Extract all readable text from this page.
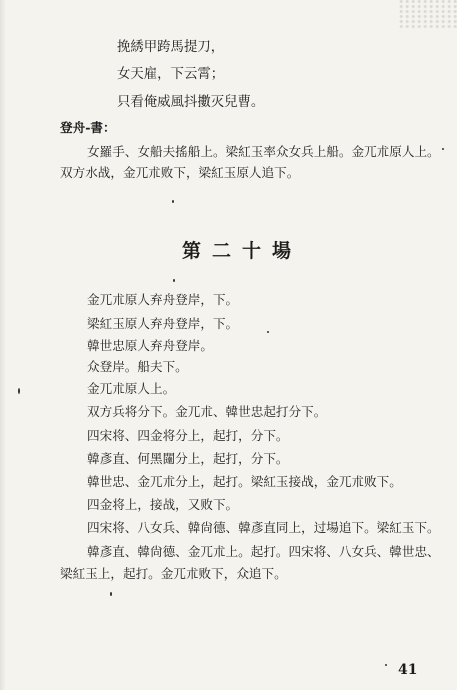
挽綉甲跨馬提刀，
女天雇，下云霄；
只看俺威風抖擻灭兒曹。
登舟-書：
女羅手、女船夫搖船上。梁紅玉率众女兵上船。金兀朮原人上。
双方水战，金兀朮败下，梁紅玉原人追下。
第二十場
金兀朮原人弃舟登岸，下。
梁紅玉原人弃舟登岸，下。
韓世忠原人弃舟登岸。
众登岸。船夫下。
金兀朮原人上。
双方兵将分下。金兀朮、韓世忠起打分下。
四宋将、四金将分上，起打，分下。
韓彥直、何黑闥分上，起打，分下。
韓世忠、金兀朮分上，起打。梁紅玉接战，金兀朮败下。
四金将上，接战，又败下。
四宋将、八女兵、韓尙德、韓彥直同上，过場追下。梁紅玉下。
韓彥直、韓尙德、金兀朮上。起打。四宋将、八女兵、韓世忠、
梁紅玉上，起打。金兀朮败下，众追下。
41
